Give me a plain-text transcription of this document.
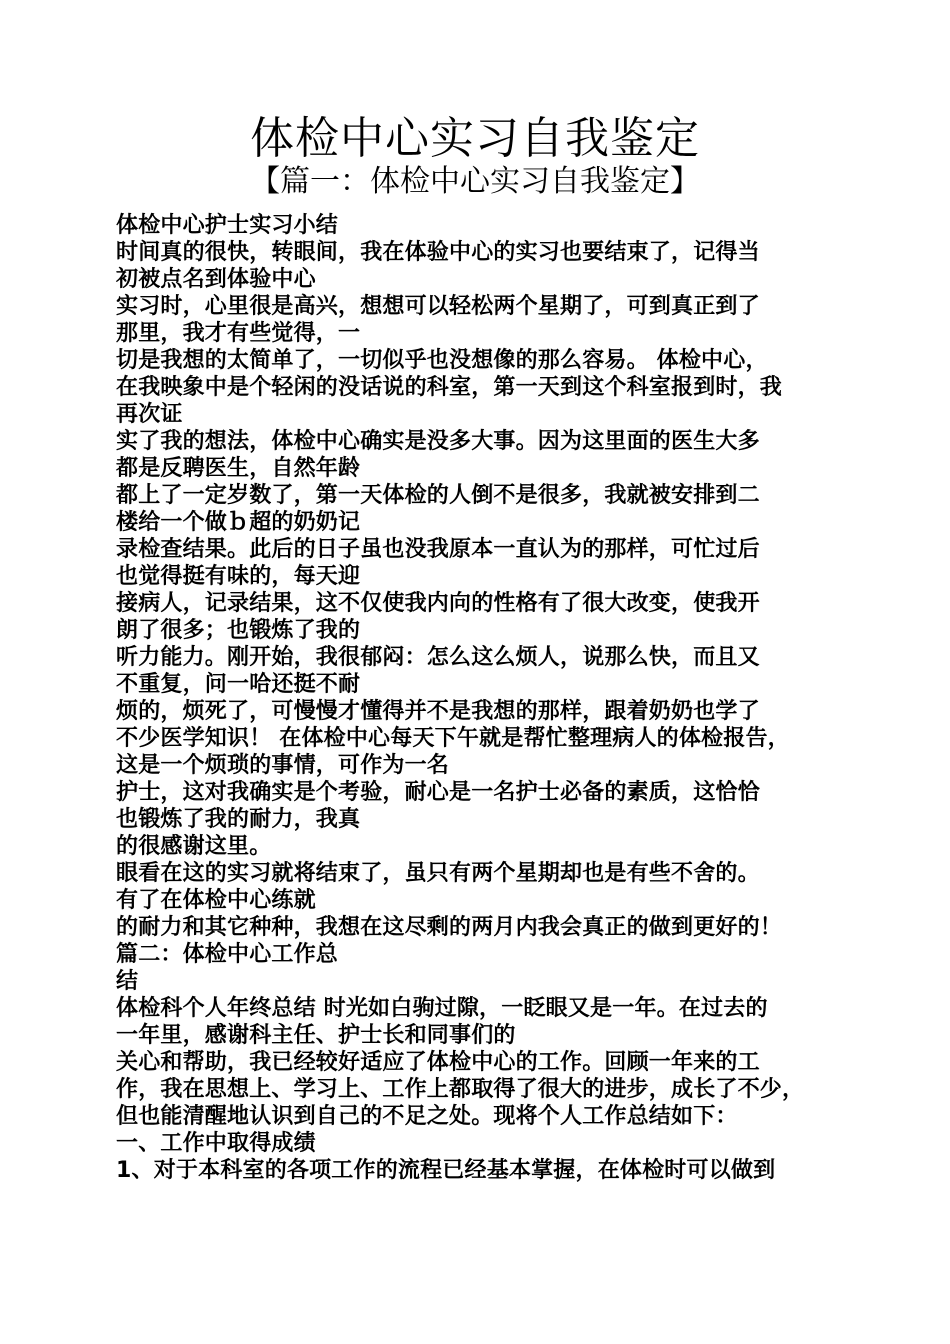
体检中心实习自我鉴定
【篇一：体检中心实习自我鉴定】
体检中心护士实习小结
时间真的很快，转眼间，我在体验中心的实习也要结束了，记得当
初被点名到体验中心
实习时，心里很是高兴，想想可以轻松两个星期了，可到真正到了
那里，我才有些觉得，一
切是我想的太简单了，一切似乎也没想像的那么容易。 体检中心，
在我映象中是个轻闲的没话说的科室，第一天到这个科室报到时，我
再次证
实了我的想法，体检中心确实是没多大事。因为这里面的医生大多
都是反聘医生，自然年龄
都上了一定岁数了，第一天体检的人倒不是很多，我就被安排到二
楼给一个做ｂ超的奶奶记
录检查结果。此后的日子虽也没我原本一直认为的那样，可忙过后
也觉得挺有味的，每天迎
接病人，记录结果，这不仅使我内向的性格有了很大改变，使我开
朗了很多；也锻炼了我的
听力能力。刚开始，我很郁闷：怎么这么烦人，说那么快，而且又
不重复，问一哈还挺不耐
烦的，烦死了，可慢慢才懂得并不是我想的那样，跟着奶奶也学了
不少医学知识！ 在体检中心每天下午就是帮忙整理病人的体检报告，
这是一个烦琐的事情，可作为一名
护士，这对我确实是个考验，耐心是一名护士必备的素质，这恰恰
也锻炼了我的耐力，我真
的很感谢这里。
眼看在这的实习就将结束了，虽只有两个星期却也是有些不舍的。
有了在体检中心练就
的耐力和其它种种，我想在这尽剩的两月内我会真正的做到更好的！
篇二：体检中心工作总
结
体检科个人年终总结 时光如白驹过隙，一眨眼又是一年。在过去的
一年里，感谢科主任、护士长和同事们的
关心和帮助，我已经较好适应了体检中心的工作。回顾一年来的工
作，我在思想上、学习上、工作上都取得了很大的进步，成长了不少，
但也能清醒地认识到自己的不足之处。现将个人工作总结如下：
一、工作中取得成绩
1、对于本科室的各项工作的流程已经基本掌握，在体检时可以做到
